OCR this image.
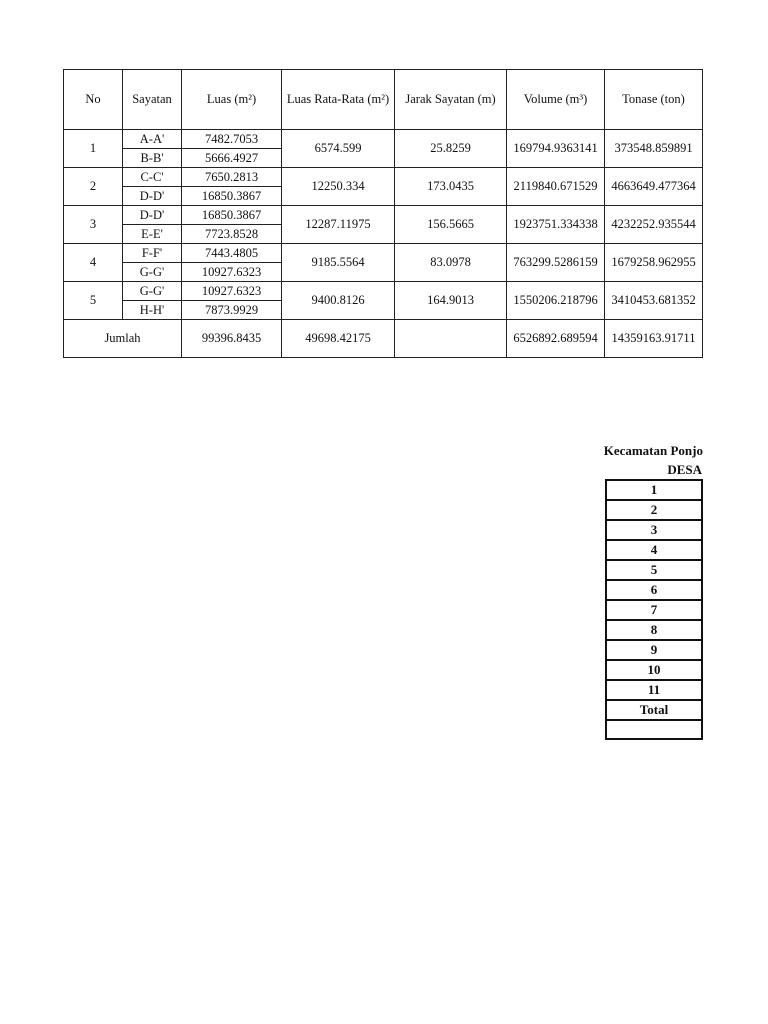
No	Sayatan	Luas (m²)	Luas Rata-Rata (m²)	Jarak Sayatan (m)	Volume (m³)	Tonase (ton)
1	A-A'	7482.7053	6574.599	25.8259	169794.9363141	373548.859891
	B-B'	5666.4927				
2	C-C'	7650.2813	12250.334	173.0435	2119840.671529	4663649.477364
	D-D'	16850.3867				
3	D-D'	16850.3867	12287.11975	156.5665	1923751.334338	4232252.935544
	E-E'	7723.8528				
4	F-F'	7443.4805	9185.5564	83.0978	763299.5286159	1679258.962955
	G-G'	10927.6323				
5	G-G'	10927.6323	9400.8126	164.9013	1550206.218796	3410453.681352
	H-H'	7873.9929				
Jumlah		99396.8435	49698.42175		6526892.689594	14359163.91711
Kecamatan Ponjo
DESA
1
2
3
4
5
6
7
8
9
10
11
Total
